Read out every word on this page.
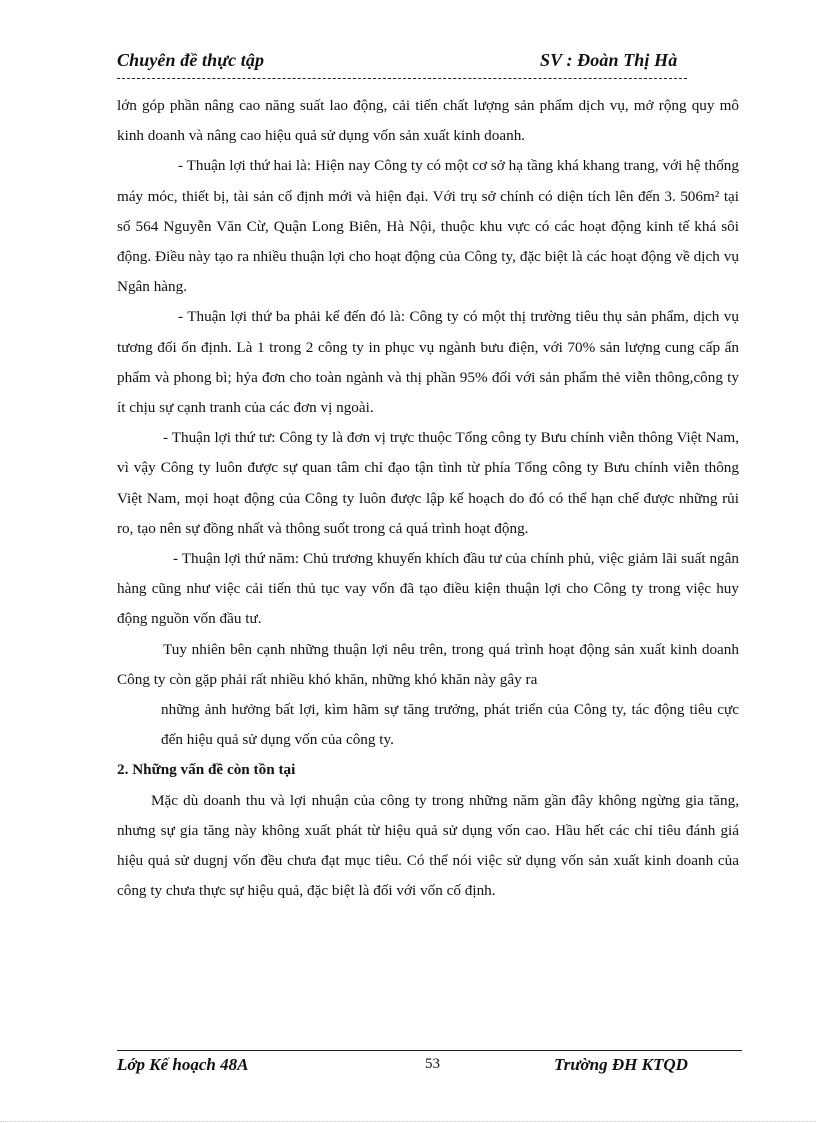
Chuyên đề thực tập	SV : Đoàn Thị Hà

lớn góp phần nâng cao năng suất lao động, cải tiến chất lượng sản phẩm dịch vụ, mở rộng quy mô kinh doanh và nâng cao hiệu quả sử dụng vốn sản xuất kinh doanh.

- Thuận lợi thứ hai là: Hiện nay Công ty có một cơ sở hạ tầng khá khang trang, với hệ thống máy móc, thiết bị, tài sản cố định mới và hiện đại. Với trụ sở chính có diện tích lên đến 3. 506m² tại số 564 Nguyễn Văn Cừ, Quận Long Biên, Hà Nội, thuộc khu vực có các hoạt động kinh tế khá sôi động. Điều này tạo ra nhiều thuận lợi cho hoạt động của Công ty, đặc biệt là các hoạt động về dịch vụ Ngân hàng.

- Thuận lợi thứ ba phải kể đến đó là: Công ty có một thị trường tiêu thụ sản phẩm, dịch vụ tương đối ổn định. Là 1 trong 2 công ty in phục vụ ngành bưu điện, với 70% sản lượng cung cấp ấn phẩm và phong bì; hỷa đơn cho toàn ngành và thị phần 95% đối với sản phẩm thẻ viễn thông,công ty ít chịu sự cạnh tranh của các đơn vị ngoài.

- Thuận lợi thứ tư: Công ty là đơn vị trực thuộc Tổng công ty Bưu chính viễn thông Việt Nam, vì vậy Công ty luôn được sự quan tâm chỉ đạo tận tình từ phía Tổng công ty Bưu chính viễn thông Việt Nam, mọi hoạt động của Công ty luôn được lập kế hoạch do đó có thể hạn chế được những rủi ro, tạo nên sự đồng nhất và thông suốt trong cả quá trình hoạt động.

- Thuận lợi thứ năm: Chủ trương khuyến khích đầu tư của chính phủ, việc giảm lãi suất ngân hàng cũng như việc cải tiến thủ tục vay vốn đã tạo điều kiện thuận lợi cho Công ty trong việc huy động nguồn vốn đầu tư.

Tuy nhiên bên cạnh những thuận lợi nêu trên, trong quá trình hoạt động sản xuất kinh doanh Công ty còn gặp phải rất nhiều khó khăn, những khó khăn này gây ra

những ảnh hưởng bất lợi, kìm hãm sự tăng trưởng, phát triển của Công ty, tác động tiêu cực đến hiệu quả sử dụng vốn của công ty.

2. Những vấn đề còn tồn tại

Mặc dù doanh thu và lợi nhuận của công ty trong những năm gần đây không ngừng gia tăng, nhưng sự gia tăng này không xuất phát từ hiệu quả sử dụng vốn cao. Hầu hết các chỉ tiêu đánh giá hiệu quả sử dugnj vốn đều chưa đạt mục tiêu. Có thể nói việc sử dụng vốn sản xuất kinh doanh của công ty chưa thực sự hiệu quả, đặc biệt là đối với vốn cố định.

Lớp Kế hoạch 48A	53	Trường ĐH KTQD
